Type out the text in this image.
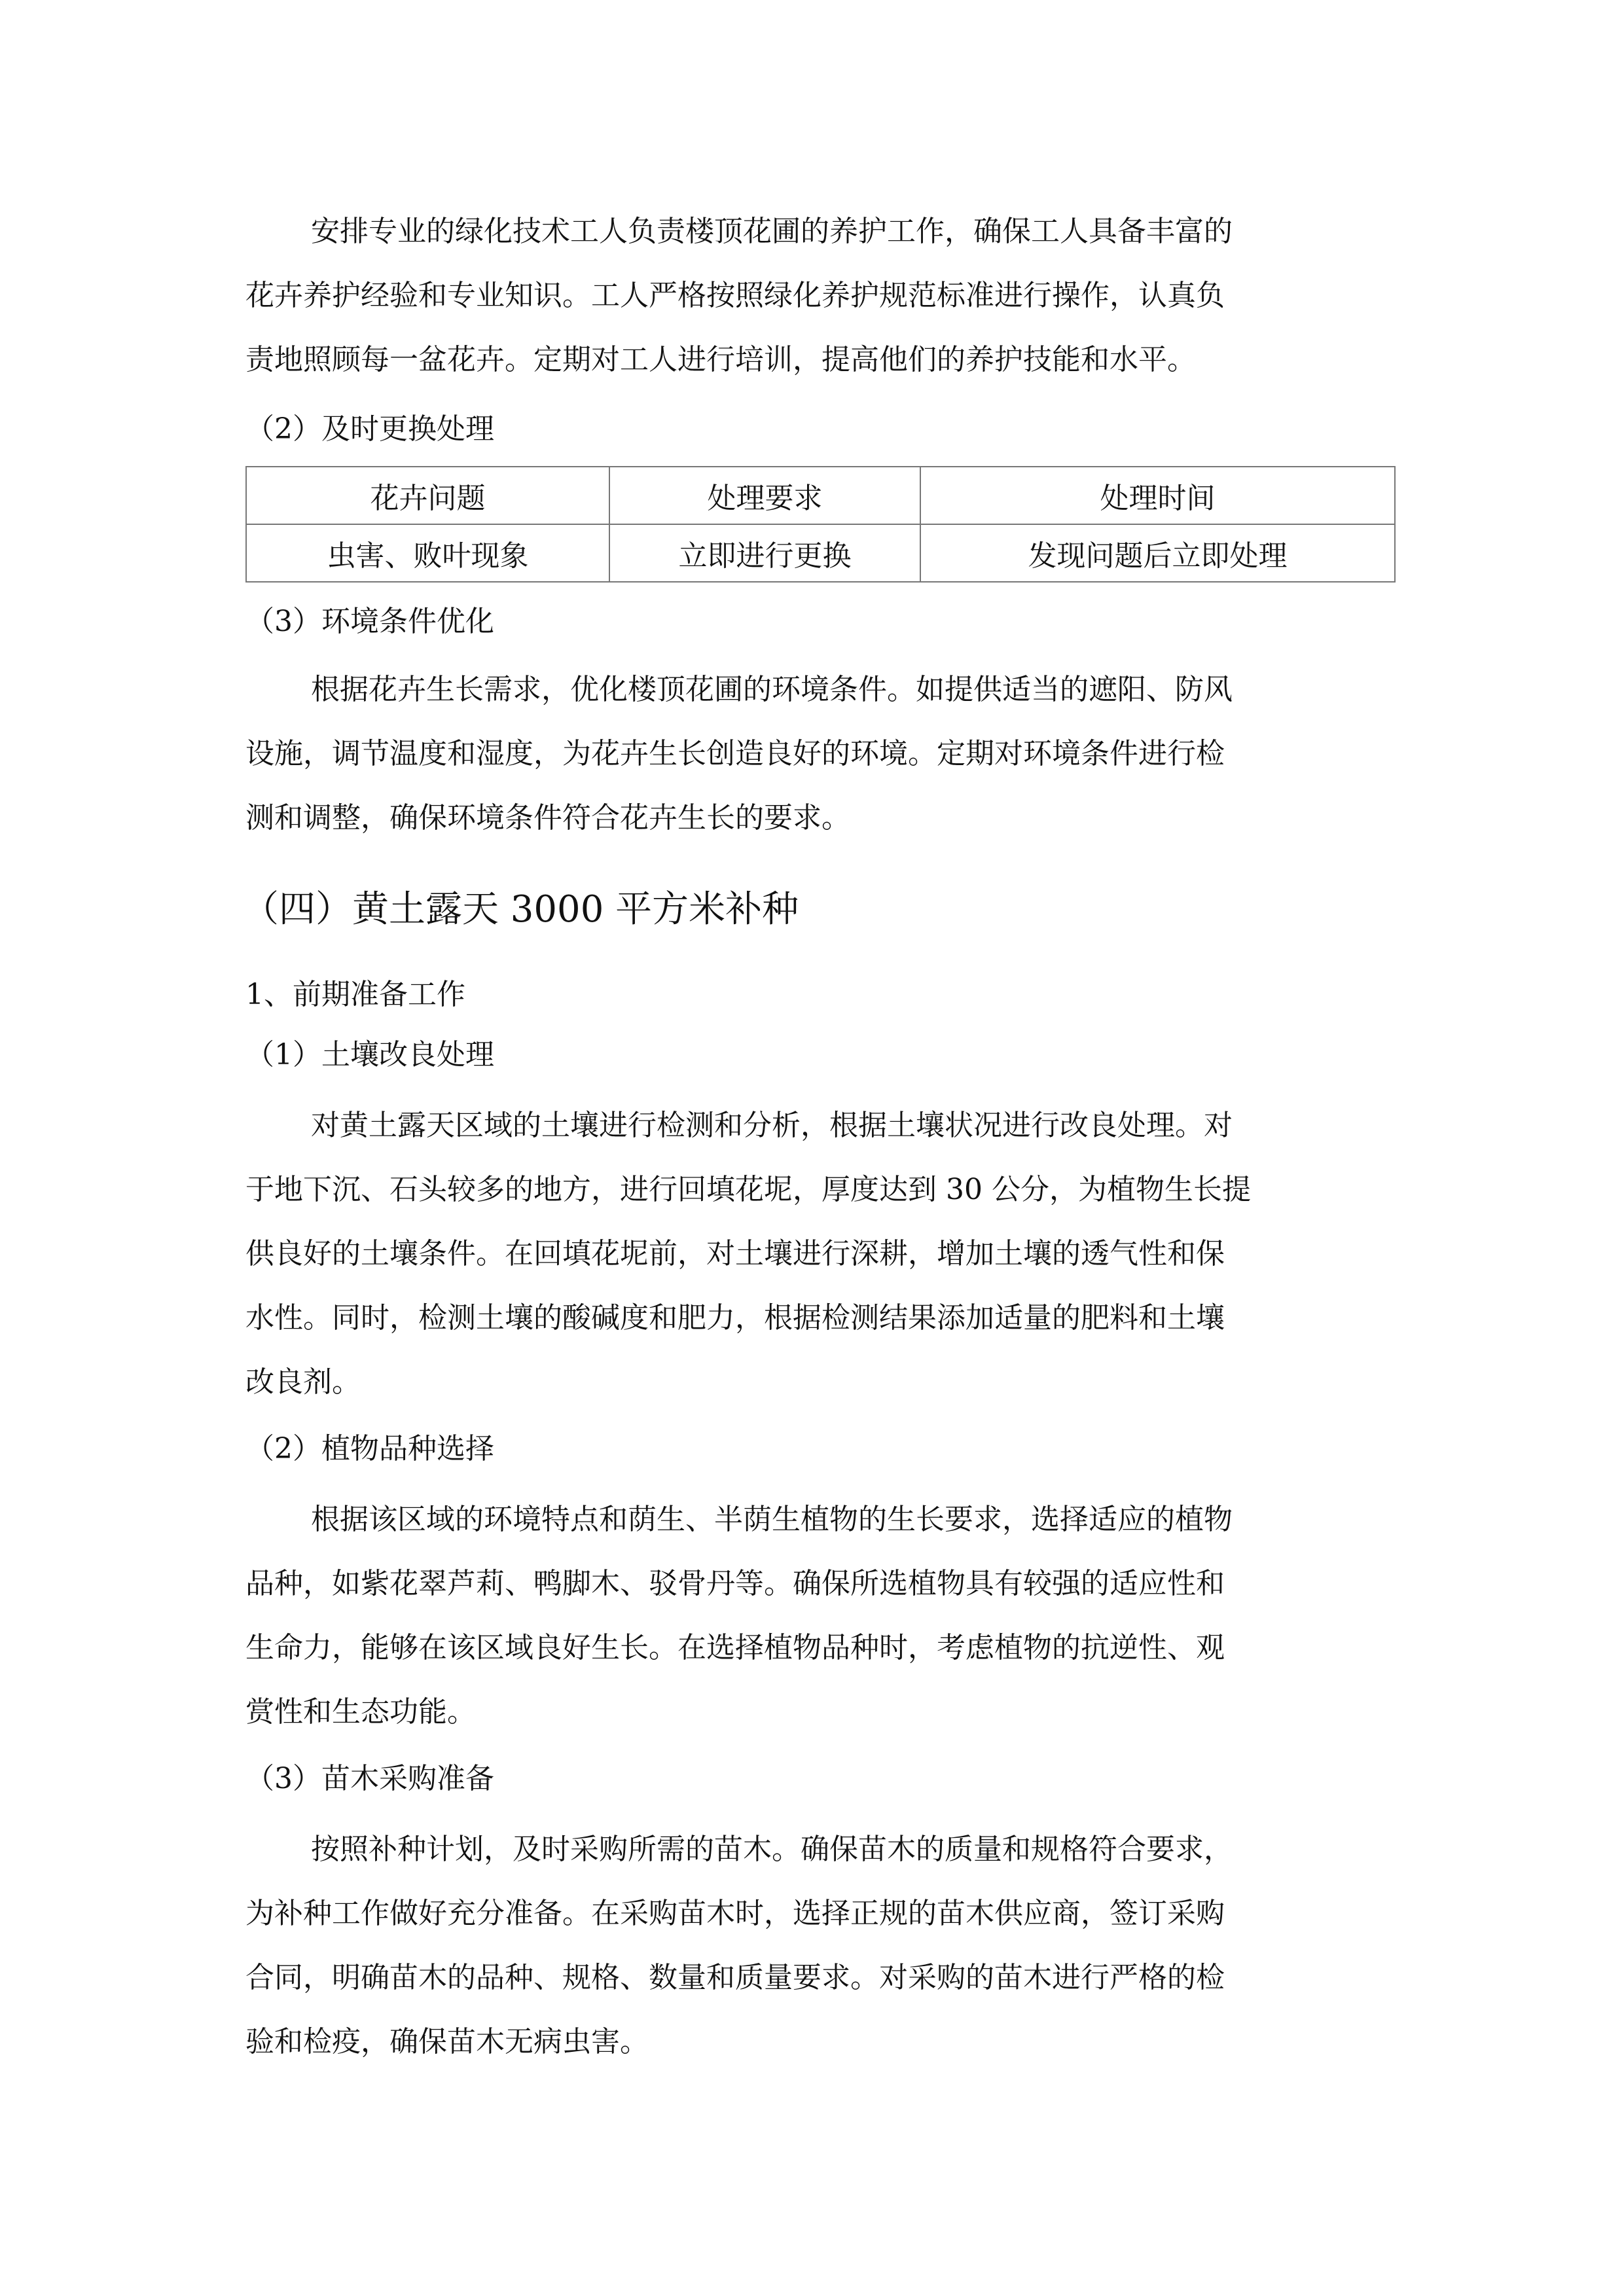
安排专业的绿化技术工人负责楼顶花圃的养护工作，确保工人具备丰富的
花卉养护经验和专业知识。工人严格按照绿化养护规范标准进行操作，认真负
责地照顾每一盆花卉。定期对工人进行培训，提高他们的养护技能和水平。
（2）及时更换处理
花卉问题	处理要求	处理时间
虫害、败叶现象	立即进行更换	发现问题后立即处理
（3）环境条件优化
根据花卉生长需求，优化楼顶花圃的环境条件。如提供适当的遮阳、防风
设施，调节温度和湿度，为花卉生长创造良好的环境。定期对环境条件进行检
测和调整，确保环境条件符合花卉生长的要求。
（四）黄土露天 3000 平方米补种
1、前期准备工作
（1）土壤改良处理
对黄土露天区域的土壤进行检测和分析，根据土壤状况进行改良处理。对
于地下沉、石头较多的地方，进行回填花坭，厚度达到 30 公分，为植物生长提
供良好的土壤条件。在回填花坭前，对土壤进行深耕，增加土壤的透气性和保
水性。同时，检测土壤的酸碱度和肥力，根据检测结果添加适量的肥料和土壤
改良剂。
（2）植物品种选择
根据该区域的环境特点和荫生、半荫生植物的生长要求，选择适应的植物
品种，如紫花翠芦莉、鸭脚木、驳骨丹等。确保所选植物具有较强的适应性和
生命力，能够在该区域良好生长。在选择植物品种时，考虑植物的抗逆性、观
赏性和生态功能。
（3）苗木采购准备
按照补种计划，及时采购所需的苗木。确保苗木的质量和规格符合要求，
为补种工作做好充分准备。在采购苗木时，选择正规的苗木供应商，签订采购
合同，明确苗木的品种、规格、数量和质量要求。对采购的苗木进行严格的检
验和检疫，确保苗木无病虫害。
